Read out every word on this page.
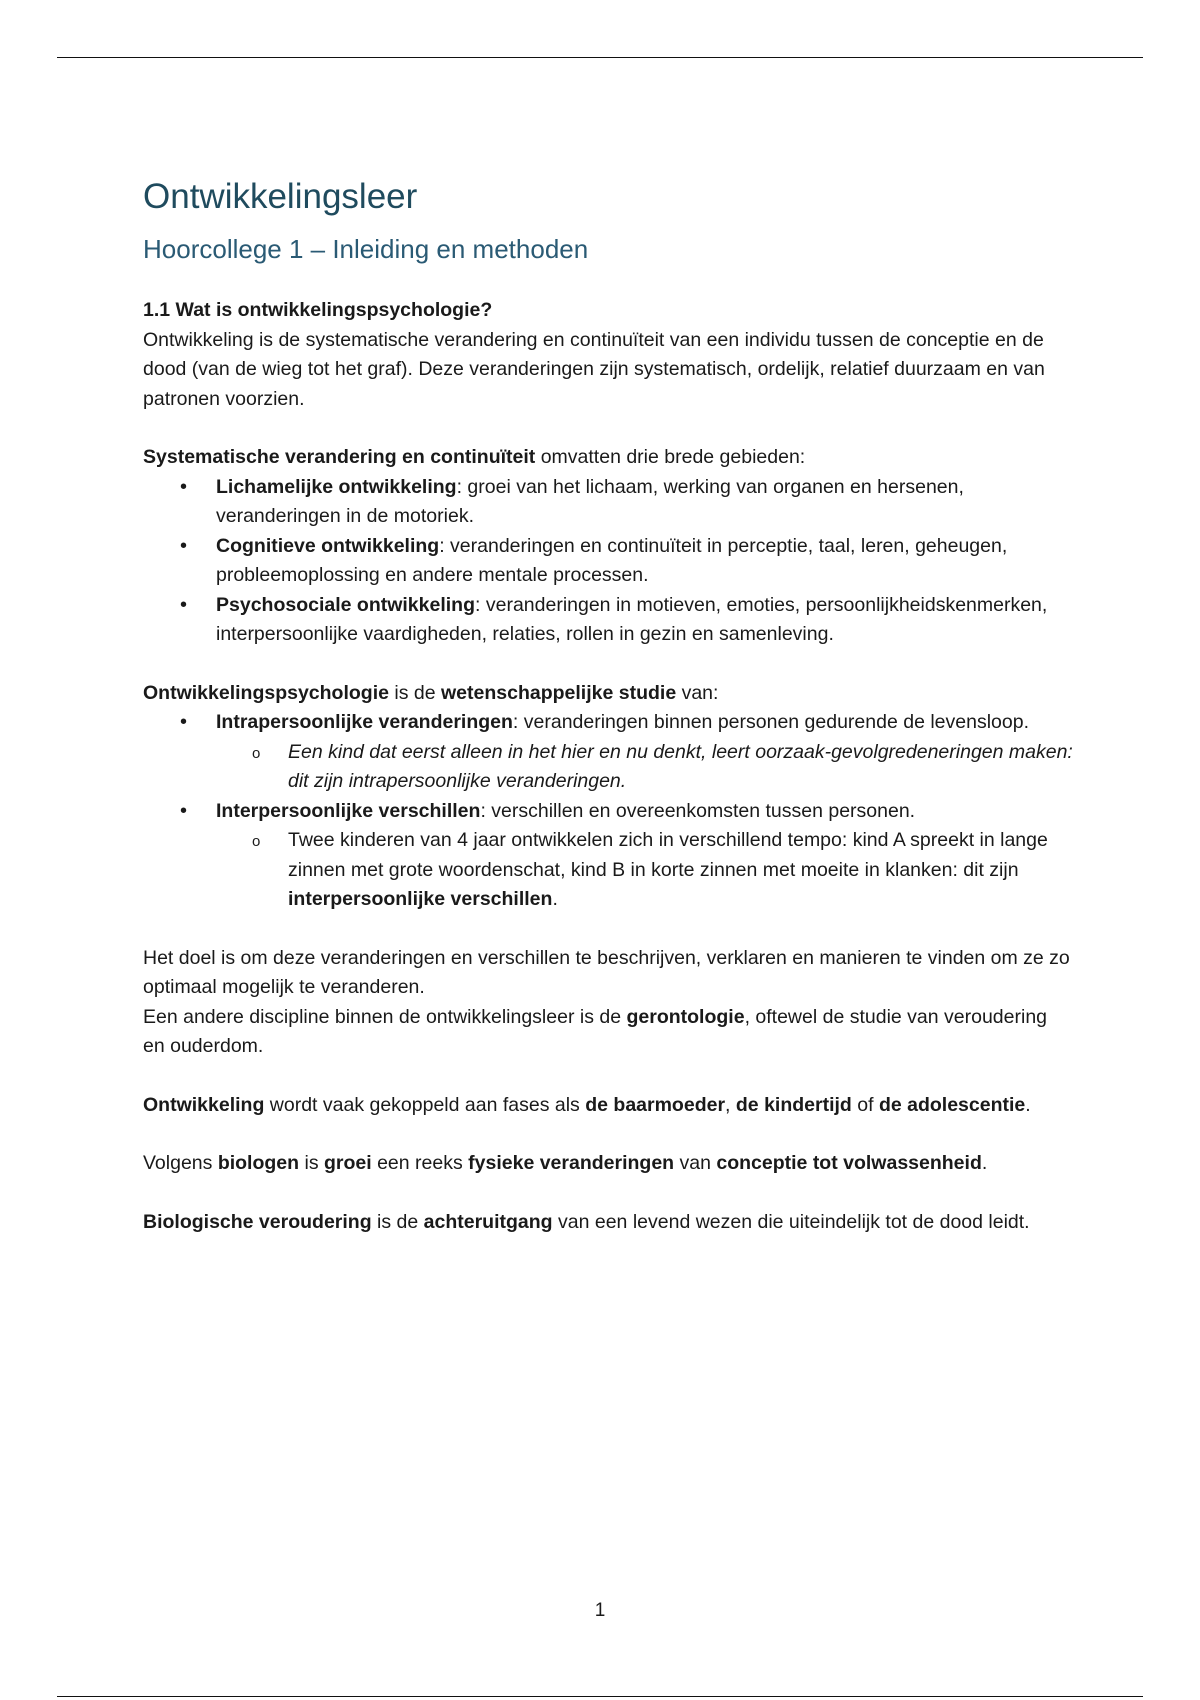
Ontwikkelingsleer
Hoorcollege 1 – Inleiding en methoden

1.1 Wat is ontwikkelingspsychologie?

Ontwikkeling is de systematische verandering en continuïteit van een individu tussen de conceptie en de dood (van de wieg tot het graf). Deze veranderingen zijn systematisch, ordelijk, relatief duurzaam en van patronen voorzien.

Systematische verandering en continuïteit omvatten drie brede gebieden:

• Lichamelijke ontwikkeling: groei van het lichaam, werking van organen en hersenen, veranderingen in de motoriek.
• Cognitieve ontwikkeling: veranderingen en continuïteit in perceptie, taal, leren, geheugen, probleemoplossing en andere mentale processen.
• Psychosociale ontwikkeling: veranderingen in motieven, emoties, persoonlijkheidskenmerken, interpersoonlijke vaardigheden, relaties, rollen in gezin en samenleving.

Ontwikkelingspsychologie is de wetenschappelijke studie van:

• Intrapersoonlijke veranderingen: veranderingen binnen personen gedurende de levensloop.
o Een kind dat eerst alleen in het hier en nu denkt, leert oorzaak-gevolgredeneringen maken: dit zijn intrapersoonlijke veranderingen.
• Interpersoonlijke verschillen: verschillen en overeenkomsten tussen personen.
o Twee kinderen van 4 jaar ontwikkelen zich in verschillend tempo: kind A spreekt in lange zinnen met grote woordenschat, kind B in korte zinnen met moeite in klanken: dit zijn interpersoonlijke verschillen.

Het doel is om deze veranderingen en verschillen te beschrijven, verklaren en manieren te vinden om ze zo optimaal mogelijk te veranderen.

Een andere discipline binnen de ontwikkelingsleer is de gerontologie, oftewel de studie van veroudering en ouderdom.

Ontwikkeling wordt vaak gekoppeld aan fases als de baarmoeder, de kindertijd of de adolescentie.

Volgens biologen is groei een reeks fysieke veranderingen van conceptie tot volwassenheid.

Biologische veroudering is de achteruitgang van een levend wezen die uiteindelijk tot de dood leidt.

1
